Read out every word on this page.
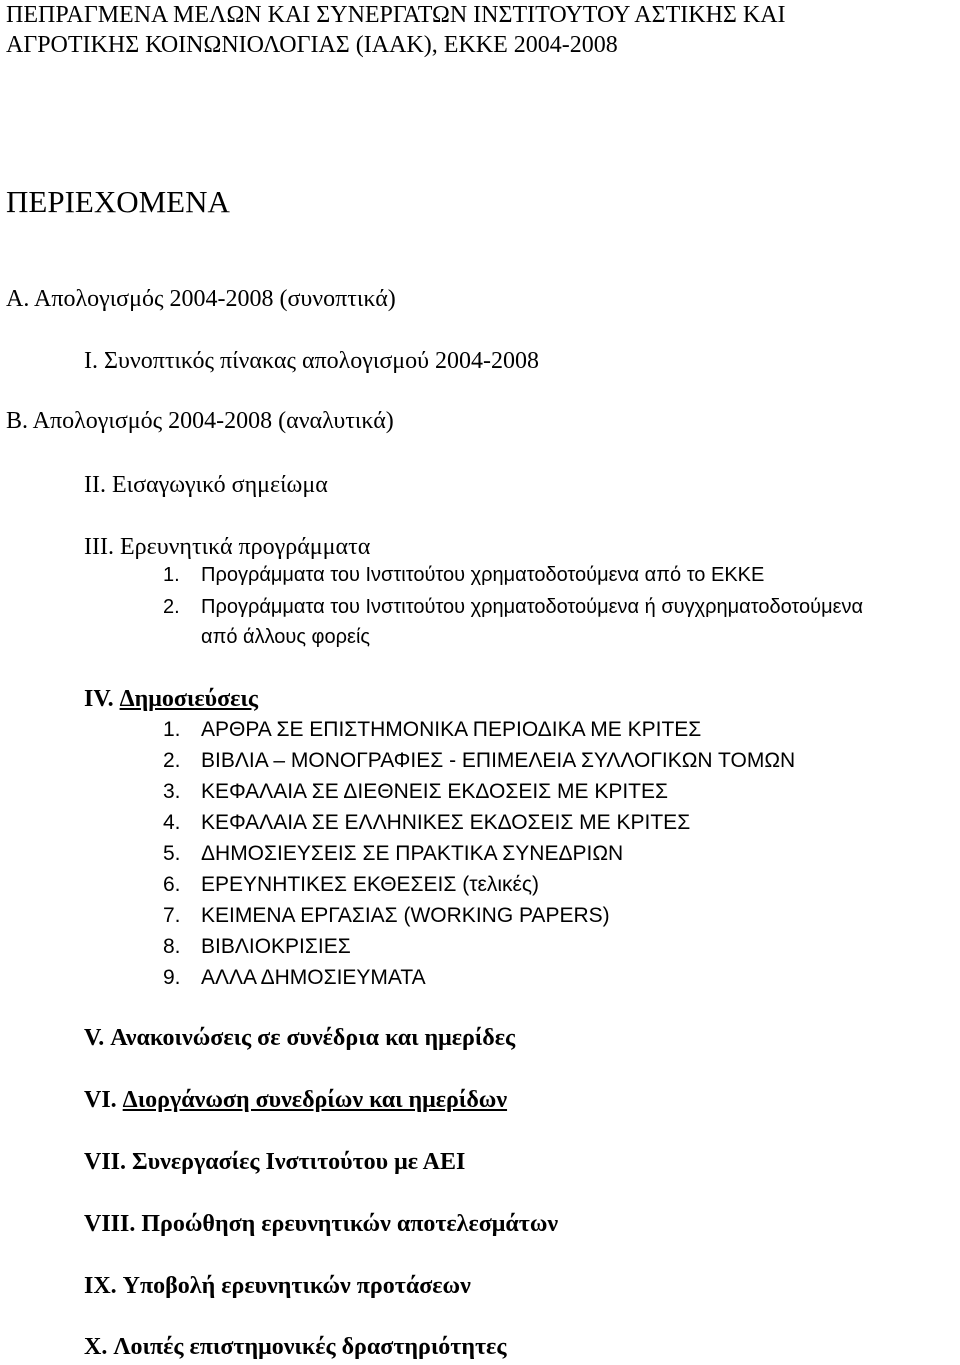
ΠΕΠΡΑΓΜΕΝΑ ΜΕΛΩΝ ΚΑΙ ΣΥΝΕΡΓΑΤΩΝ ΙΝΣΤΙΤΟΥΤΟΥ ΑΣΤΙΚΗΣ ΚΑΙ
ΑΓΡΟΤΙΚΗΣ ΚΟΙΝΩΝΙΟΛΟΓΙΑΣ (ΙΑΑΚ), ΕΚΚΕ 2004-2008
ΠΕΡΙΕΧΟΜΕΝΑ
Α. Απολογισμός 2004-2008 (συνοπτικά)
Ι. Συνοπτικός πίνακας απολογισμού 2004-2008
Β. Απολογισμός 2004-2008 (αναλυτικά)
ΙΙ. Εισαγωγικό σημείωμα
ΙΙΙ. Ερευνητικά προγράμματα
1. Προγράμματα του Ινστιτούτου χρηματοδοτούμενα από το ΕΚΚΕ
2. Προγράμματα του Ινστιτούτου χρηματοδοτούμενα ή συγχρηματοδοτούμενα
από άλλους φορείς
IV. Δημοσιεύσεις
1. ΑΡΘΡΑ ΣΕ ΕΠΙΣΤΗΜΟΝΙΚΑ ΠΕΡΙΟΔΙΚΑ ΜΕ ΚΡΙΤΕΣ
2. ΒΙΒΛΙΑ – ΜΟΝΟΓΡΑΦΙΕΣ - ΕΠΙΜΕΛΕΙΑ ΣΥΛΛΟΓΙΚΩΝ ΤΟΜΩΝ
3. ΚΕΦΑΛΑΙΑ ΣΕ ΔΙΕΘΝΕΙΣ ΕΚΔΟΣΕΙΣ ΜΕ ΚΡΙΤΕΣ
4. ΚΕΦΑΛΑΙΑ ΣΕ ΕΛΛΗΝΙΚΕΣ ΕΚΔΟΣΕΙΣ ΜΕ ΚΡΙΤΕΣ
5. ΔΗΜΟΣΙΕΥΣΕΙΣ ΣΕ ΠΡΑΚΤΙΚΑ ΣΥΝΕΔΡΙΩΝ
6. ΕΡΕΥΝΗΤΙΚΕΣ ΕΚΘΕΣΕΙΣ (τελικές)
7. ΚΕΙΜΕΝΑ ΕΡΓΑΣΙΑΣ (WORKING PAPERS)
8. ΒΙΒΛΙΟΚΡΙΣΙΕΣ
9. ΑΛΛΑ ΔΗΜΟΣΙΕΥΜΑΤΑ
V. Ανακοινώσεις σε συνέδρια και ημερίδες
VI. Διοργάνωση συνεδρίων και ημερίδων
VII. Συνεργασίες Ινστιτούτου με ΑΕΙ
VIII. Προώθηση ερευνητικών αποτελεσμάτων
IX. Υποβολή ερευνητικών προτάσεων
X. Λοιπές επιστημονικές δραστηριότητες
